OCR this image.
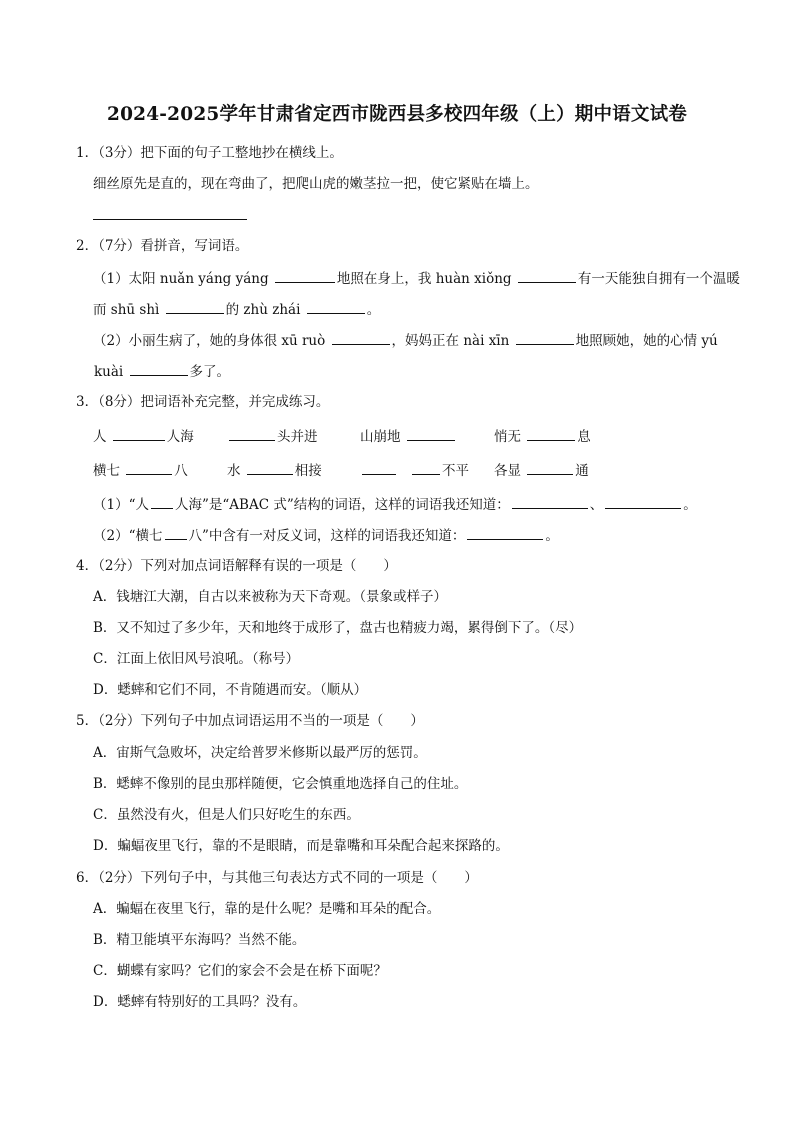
2024-2025学年甘肃省定西市陇西县多校四年级（上）期中语文试卷
1．（3分）把下面的句子工整地抄在横线上。
细丝原先是直的，现在弯曲了，把爬山虎的嫩茎拉一把，使它紧贴在墙上。
2．（7分）看拼音，写词语。
（1）太阳 nuǎn yáng yáng	地照在身上，我 huàn xiǒng	有一天能独自拥有一个温暖
而 shū shì	的 zhù zhái	。
（2）小丽生病了，她的身体很 xū ruò	，妈妈正在 nài xīn	地照顾她，她的心情 yú
kuài	多了。
3．（8分）把词语补充完整，并完成练习。
人	人海	头并进	山崩地	悄无	息
横七	八	水	相接	不平 各显	通
（1）“人 人海”是“ABAC 式”结构的词语，这样的词语我还知道：	、	。
（2）“横七 八”中含有一对反义词，这样的词语我还知道：	。
4．（2分）下列对加点词语解释有误的一项是（　　）
A．钱塘江大潮，自古以来被称为天下奇观。（景象或样子）
B．又不知过了多少年，天和地终于成形了，盘古也精疲力竭，累得倒下了。（尽）
C．江面上依旧风号浪吼。（称号）
D．蟋蟀和它们不同，不肯随遇而安。（顺从）
5．（2分）下列句子中加点词语运用不当的一项是（　　）
A．宙斯气急败坏，决定给普罗米修斯以最严厉的惩罚。
B．蟋蟀不像别的昆虫那样随便，它会慎重地选择自己的住址。
C．虽然没有火，但是人们只好吃生的东西。
D．蝙蝠夜里飞行，靠的不是眼睛，而是靠嘴和耳朵配合起来探路的。
6．（2分）下列句子中，与其他三句表达方式不同的一项是（　　）
A．蝙蝠在夜里飞行，靠的是什么呢？是嘴和耳朵的配合。
B．精卫能填平东海吗？当然不能。
C．蝴蝶有家吗？它们的家会不会是在桥下面呢？
D．蟋蟀有特别好的工具吗？没有。
